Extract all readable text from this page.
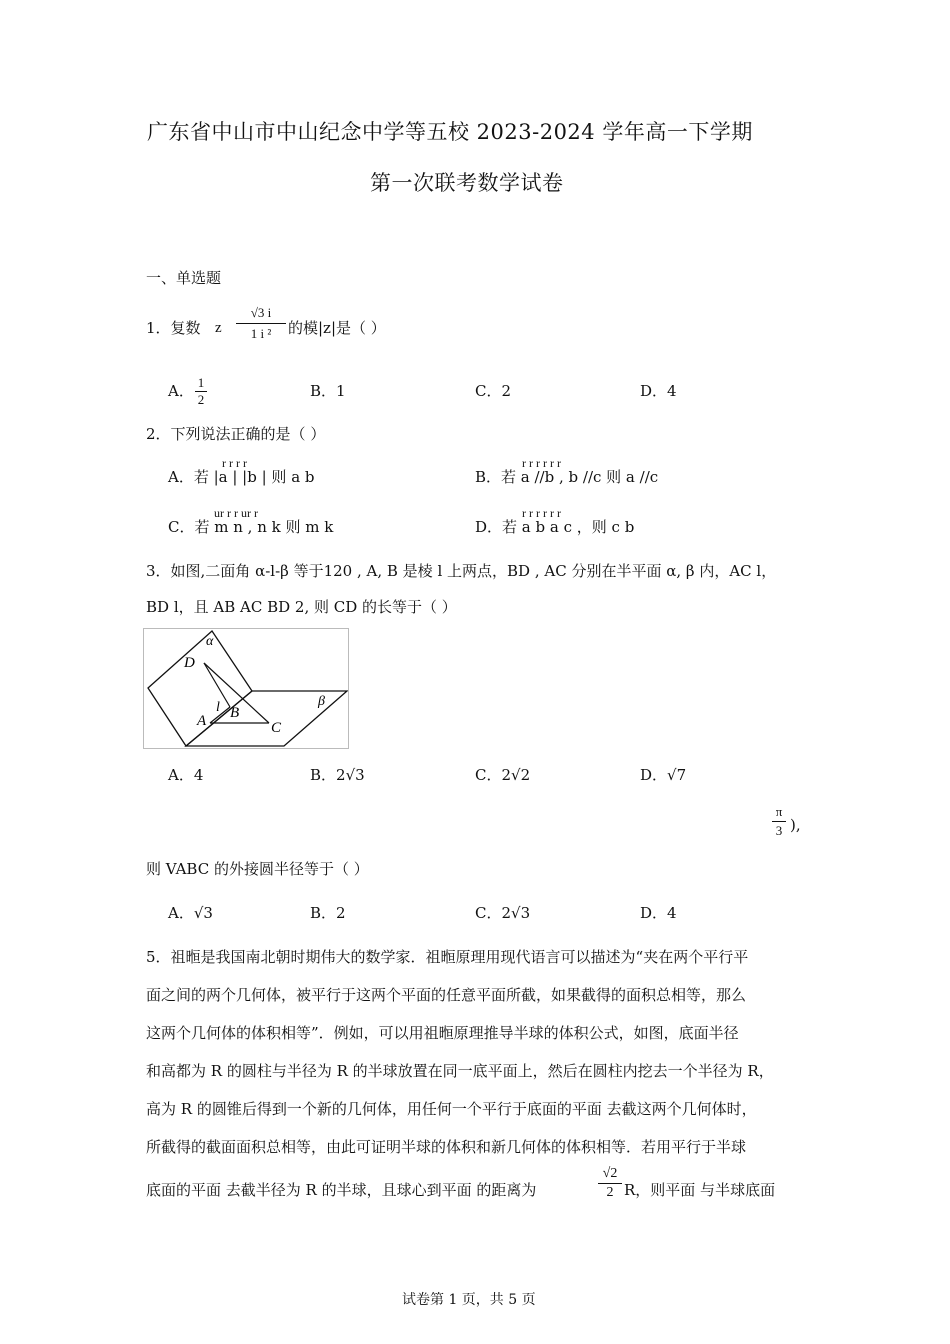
广东省中山市中山纪念中学等五校 2023-2024 学年高一下学期
第一次联考数学试卷
一、单选题
1．复数 z
√3 i
1 i ²	的模|z|是（ ）
A． 1
2	B．1	C．2	D．4
2．下列说法正确的是（ ）
r r r r
A．若 |a | |b | 则 a b
r r r r r r
B．若 a //b , b //c 则 a //c
ur r r ur r
C．若 m n , n k 则 m k
r r r r r r
D．若 a b a c ，则 c b
3．如图,二面角 α-l-β 等于120 , A, B 是棱 l 上两点，BD , AC 分别在半平面 α, β 内，AC l，
BD l，且 AB AC BD 2, 则 CD 的长等于（ ）
α
D
l
A B
C
β
A．4	B．2√3	C．2√2	D．√7
π
3 ),
则 VABC 的外接圆半径等于（ ）
A．√3	B．2	C．2√3	D．4
5．祖暅是我国南北朝时期伟大的数学家．祖暅原理用现代语言可以描述为“夹在两个平行平
面之间的两个几何体，被平行于这两个平面的任意平面所截，如果截得的面积总相等，那么
这两个几何体的体积相等”．例如，可以用祖暅原理推导半球的体积公式，如图，底面半径
和高都为 R 的圆柱与半径为 R 的半球放置在同一底平面上，然后在圆柱内挖去一个半径为 R，
高为 R 的圆锥后得到一个新的几何体，用任何一个平行于底面的平面 去截这两个几何体时，
所截得的截面面积总相等，由此可证明半球的体积和新几何体的体积相等．若用平行于半球
底面的平面 去截半径为 R 的半球，且球心到平面 的距离为
√2
2 R，则平面 与半球底面
试卷第 1 页，共 5 页
